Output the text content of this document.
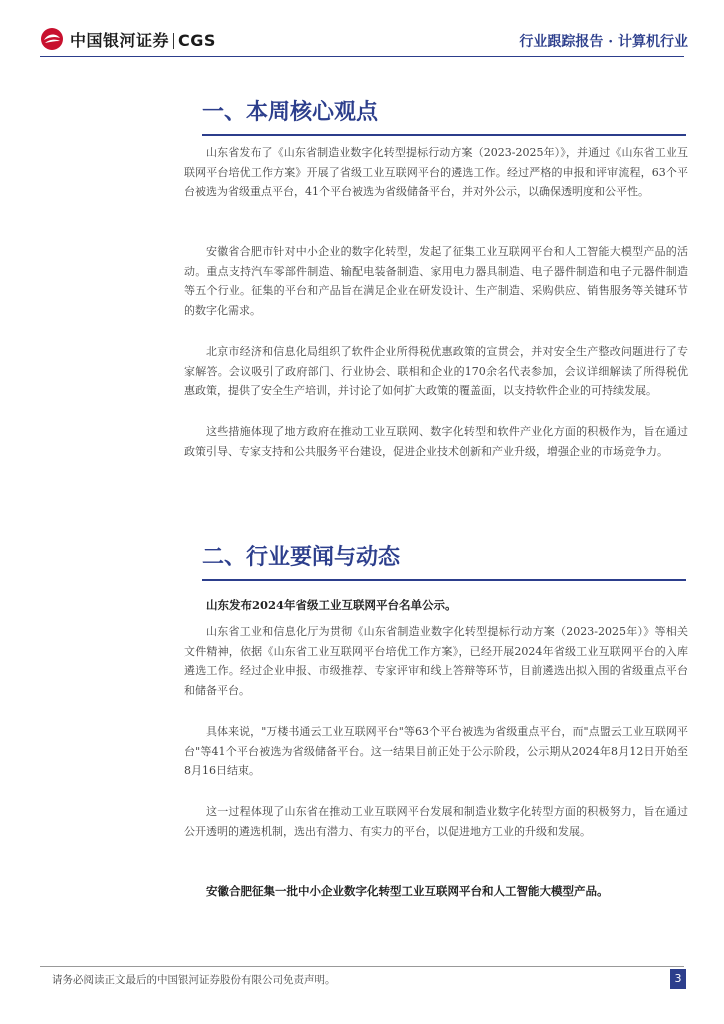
中国银河证券 CGS	行业跟踪报告 · 计算机行业
一、本周核心观点

山东省发布了《山东省制造业数字化转型提标行动方案（2023-2025年）》，并通过《山东省工业互联网平台培优工作方案》开展了省级工业互联网平台的遴选工作。经过严格的申报和评审流程，63个平台被选为省级重点平台，41个平台被选为省级储备平台，并对外公示，以确保透明度和公平性。

安徽省合肥市针对中小企业的数字化转型，发起了征集工业互联网平台和人工智能大模型产品的活动。重点支持汽车零部件制造、输配电装备制造、家用电力器具制造、电子器件制造和电子元器件制造等五个行业。征集的平台和产品旨在满足企业在研发设计、生产制造、采购供应、销售服务等关键环节的数字化需求。

北京市经济和信息化局组织了软件企业所得税优惠政策的宣贯会，并对安全生产整改问题进行了专家解答。会议吸引了政府部门、行业协会、联相和企业的170余名代表参加，会议详细解读了所得税优惠政策，提供了安全生产培训，并讨论了如何扩大政策的覆盖面，以支持软件企业的可持续发展。

这些措施体现了地方政府在推动工业互联网、数字化转型和软件产业化方面的积极作为，旨在通过政策引导、专家支持和公共服务平台建设，促进企业技术创新和产业升级，增强企业的市场竞争力。

二、行业要闻与动态
山东发布2024年省级工业互联网平台名单公示。

山东省工业和信息化厅为贯彻《山东省制造业数字化转型提标行动方案（2023-2025年）》等相关文件精神，依据《山东省工业互联网平台培优工作方案》，已经开展2024年省级工业互联网平台的入库遴选工作。经过企业申报、市级推荐、专家评审和线上答辩等环节，目前遴选出拟入围的省级重点平台和储备平台。

具体来说，"万楼书通云工业互联网平台"等63个平台被选为省级重点平台，而"点盟云工业互联网平台"等41个平台被选为省级储备平台。这一结果目前正处于公示阶段，公示期从2024年8月12日开始至8月16日结束。

这一过程体现了山东省在推动工业互联网平台发展和制造业数字化转型方面的积极努力，旨在通过公开透明的遴选机制，选出有潜力、有实力的平台，以促进地方工业的升级和发展。

安徽合肥征集一批中小企业数字化转型工业互联网平台和人工智能大模型产品。
请务必阅读正文最后的中国银河证券股份有限公司免责声明。	3
